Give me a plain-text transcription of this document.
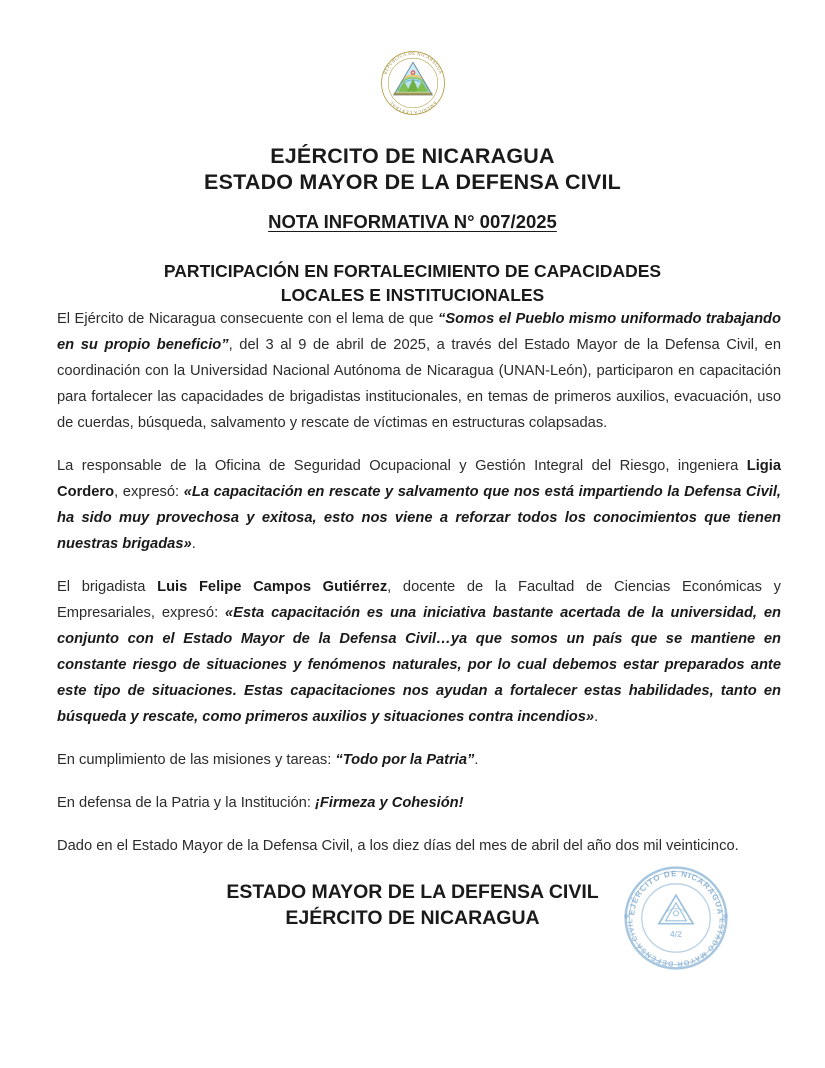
REPUBLICA DE NICARAGUA
AMERICA CENTRAL
EJÉRCITO DE NICARAGUA
ESTADO MAYOR DE LA DEFENSA CIVIL
NOTA INFORMATIVA N° 007/2025
PARTICIPACIÓN EN FORTALECIMIENTO DE CAPACIDADES
LOCALES E INSTITUCIONALES

El Ejército de Nicaragua consecuente con el lema de que “Somos el Pueblo mismo uniformado trabajando en su propio beneficio”, del 3 al 9 de abril de 2025, a través del Estado Mayor de la Defensa Civil, en coordinación con la Universidad Nacional Autónoma de Nicaragua (UNAN-León), participaron en capacitación para fortalecer las capacidades de brigadistas institucionales, en temas de primeros auxilios, evacuación, uso de cuerdas, búsqueda, salvamento y rescate de víctimas en estructuras colapsadas.

La responsable de la Oficina de Seguridad Ocupacional y Gestión Integral del Riesgo, ingeniera Ligia Cordero, expresó: «La capacitación en rescate y salvamento que nos está impartiendo la Defensa Civil, ha sido muy provechosa y exitosa, esto nos viene a reforzar todos los conocimientos que tienen nuestras brigadas».

El brigadista Luis Felipe Campos Gutiérrez, docente de la Facultad de Ciencias Económicas y Empresariales, expresó: «Esta capacitación es una iniciativa bastante acertada de la universidad, en conjunto con el Estado Mayor de la Defensa Civil…ya que somos un país que se mantiene en constante riesgo de situaciones y fenómenos naturales, por lo cual debemos estar preparados ante este tipo de situaciones. Estas capacitaciones nos ayudan a fortalecer estas habilidades, tanto en búsqueda y rescate, como primeros auxilios y situaciones contra incendios».

En cumplimiento de las misiones y tareas: “Todo por la Patria”.

En defensa de la Patria y la Institución: ¡Firmeza y Cohesión!

Dado en el Estado Mayor de la Defensa Civil, a los diez días del mes de abril del año dos mil veinticinco.

ESTADO MAYOR DE LA DEFENSA CIVIL
EJÉRCITO DE NICARAGUA	EJÉRCITO DE NICARAGUA
ESTADO MAYOR DEFENSA CIVIL
4/2
